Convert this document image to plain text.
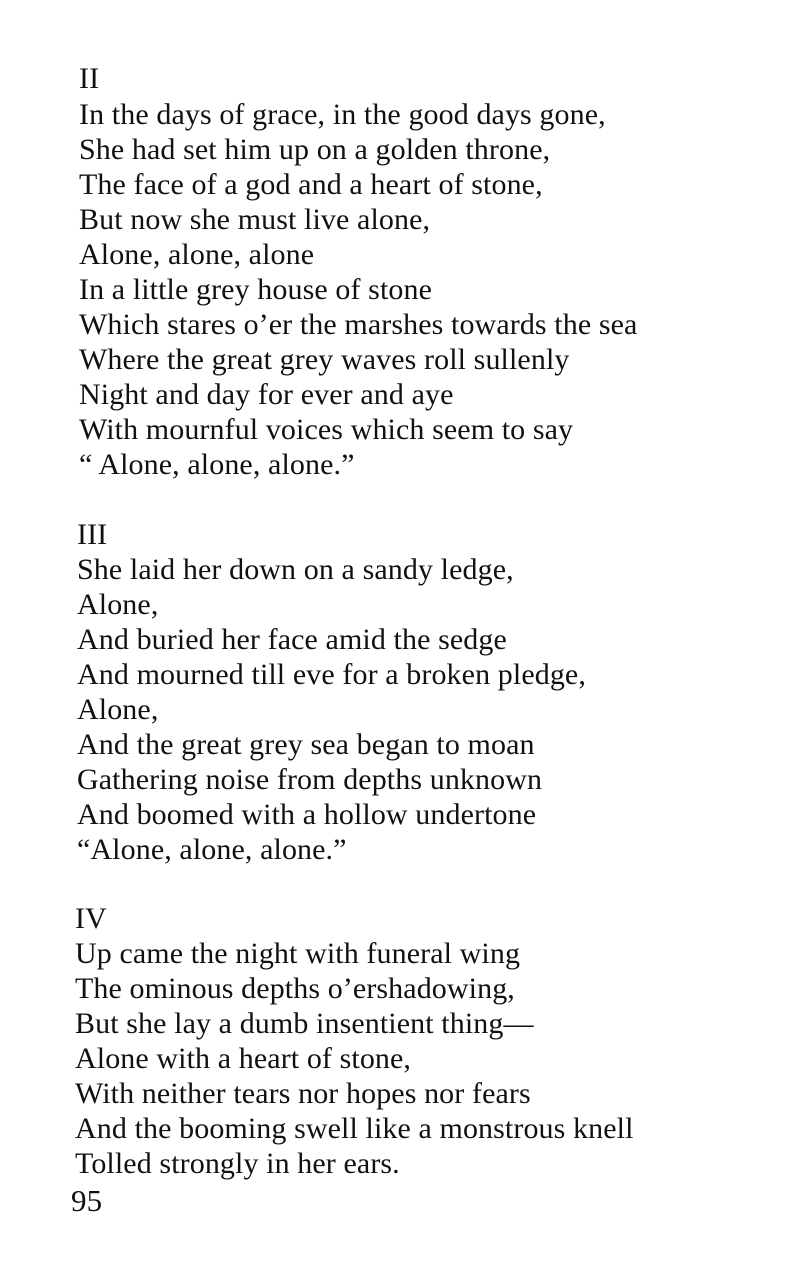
II
In the days of grace, in the good days gone,
She had set him up on a golden throne,
The face of a god and a heart of stone,
But now she must live alone,
Alone, alone, alone
In a little grey house of stone
Which stares o’er the marshes towards the sea
Where the great grey waves roll sullenly
Night and day for ever and aye
With mournful voices which seem to say
“ Alone, alone, alone.”
III
She laid her down on a sandy ledge,
Alone,
And buried her face amid the sedge
And mourned till eve for a broken pledge,
Alone,
And the great grey sea began to moan
Gathering noise from depths unknown
And boomed with a hollow undertone
“Alone, alone, alone.”
IV
Up came the night with funeral wing
The ominous depths o’ershadowing,
But she lay a dumb insentient thing—
Alone with a heart of stone,
With neither tears nor hopes nor fears
And the booming swell like a monstrous knell
Tolled strongly in her ears.
95
